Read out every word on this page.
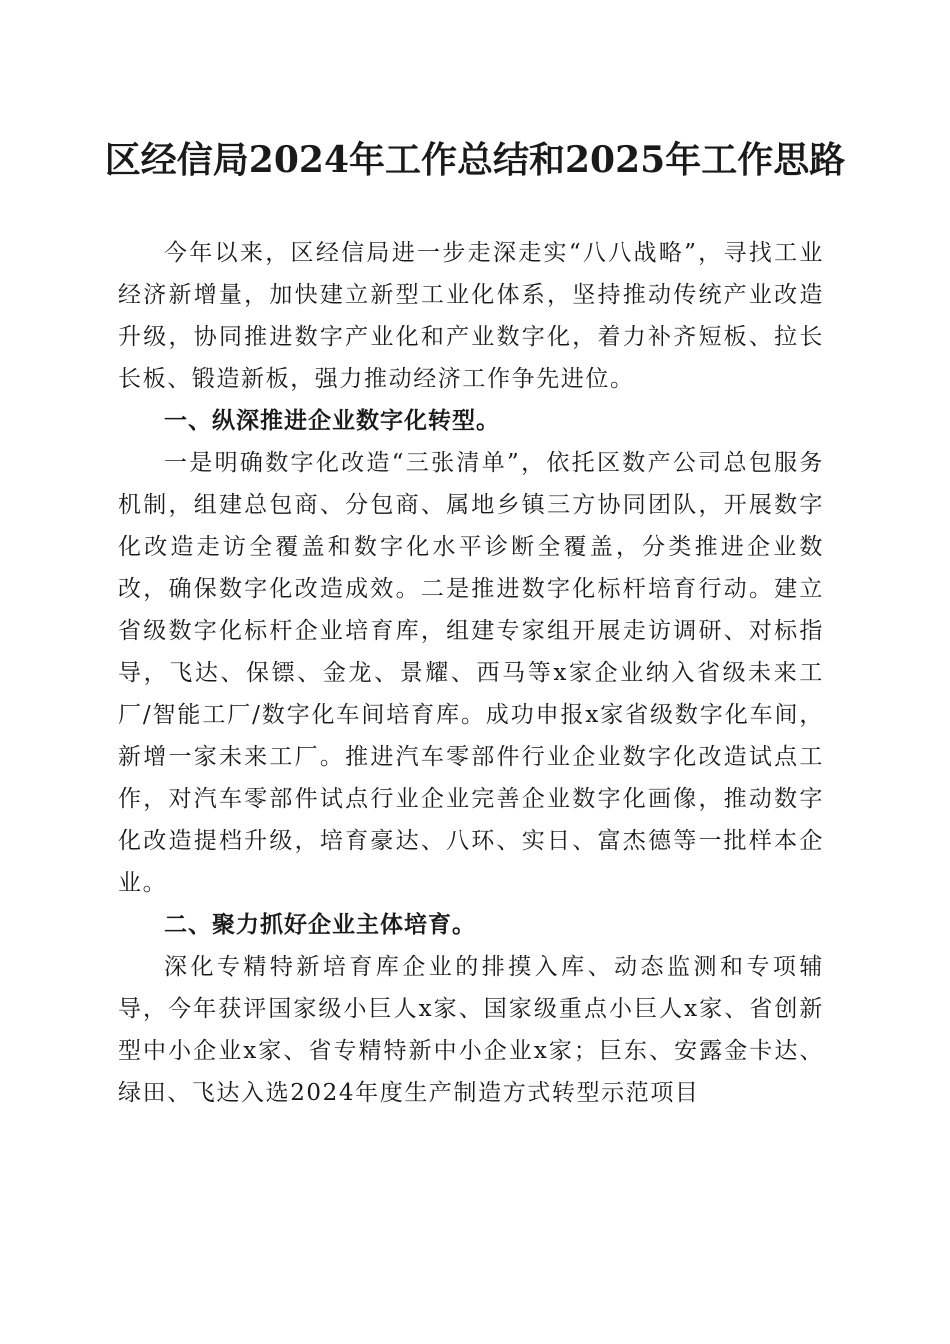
区经信局2024年工作总结和2025年工作思路

今年以来，区经信局进一步走深走实“八八战略”，寻找工业经济新增量，加快建立新型工业化体系，坚持推动传统产业改造升级，协同推进数字产业化和产业数字化，着力补齐短板、拉长长板、锻造新板，强力推动经济工作争先进位。

一、纵深推进企业数字化转型。

一是明确数字化改造“三张清单”，依托区数产公司总包服务机制，组建总包商、分包商、属地乡镇三方协同团队，开展数字化改造走访全覆盖和数字化水平诊断全覆盖，分类推进企业数改，确保数字化改造成效。二是推进数字化标杆培育行动。建立省级数字化标杆企业培育库，组建专家组开展走访调研、对标指导，飞达、保镖、金龙、景耀、西马等x家企业纳入省级未来工厂/智能工厂/数字化车间培育库。成功申报x家省级数字化车间，新增一家未来工厂。推进汽车零部件行业企业数字化改造试点工作，对汽车零部件试点行业企业完善企业数字化画像，推动数字化改造提档升级，培育豪达、八环、实日、富杰德等一批样本企业。

二、聚力抓好企业主体培育。

深化专精特新培育库企业的排摸入库、动态监测和专项辅导，今年获评国家级小巨人x家、国家级重点小巨人x家、省创新型中小企业x家、省专精特新中小企业x家；巨东、安露金卡达、绿田、飞达入选2024年度生产制造方式转型示范项目
